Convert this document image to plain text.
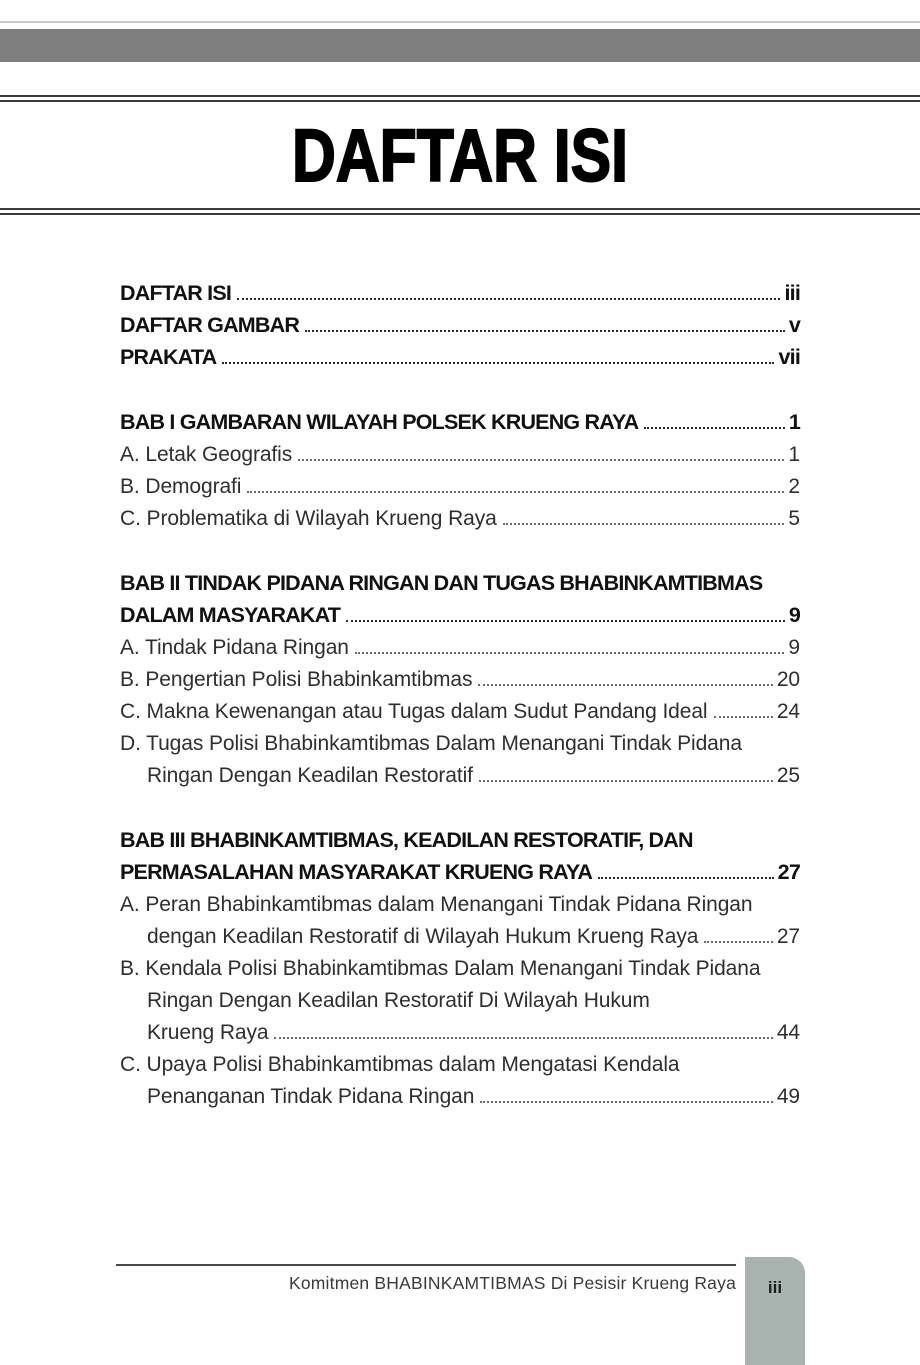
DAFTAR ISI
DAFTAR ISI	iii
DAFTAR GAMBAR	v
PRAKATA	vii
BAB I GAMBARAN WILAYAH POLSEK KRUENG RAYA	1
A. Letak Geografis	1
B. Demografi	2
C. Problematika di Wilayah Krueng Raya	5
BAB II TINDAK PIDANA RINGAN DAN TUGAS BHABINKAMTIBMAS
DALAM MASYARAKAT	9
A. Tindak Pidana Ringan	9
B. Pengertian Polisi Bhabinkamtibmas	20
C. Makna Kewenangan atau Tugas dalam Sudut Pandang Ideal	24
D. Tugas Polisi Bhabinkamtibmas Dalam Menangani Tindak Pidana
Ringan Dengan Keadilan Restoratif	25
BAB III BHABINKAMTIBMAS, KEADILAN RESTORATIF, DAN
PERMASALAHAN MASYARAKAT KRUENG RAYA	27
A. Peran Bhabinkamtibmas dalam Menangani Tindak Pidana Ringan
dengan Keadilan Restoratif di Wilayah Hukum Krueng Raya	27
B. Kendala Polisi Bhabinkamtibmas Dalam Menangani Tindak Pidana
Ringan Dengan Keadilan Restoratif Di Wilayah Hukum
Krueng Raya	44
C. Upaya Polisi Bhabinkamtibmas dalam Mengatasi Kendala
Penanganan Tindak Pidana Ringan	49
Komitmen BHABINKAMTIBMAS Di Pesisir Krueng Raya	iii
